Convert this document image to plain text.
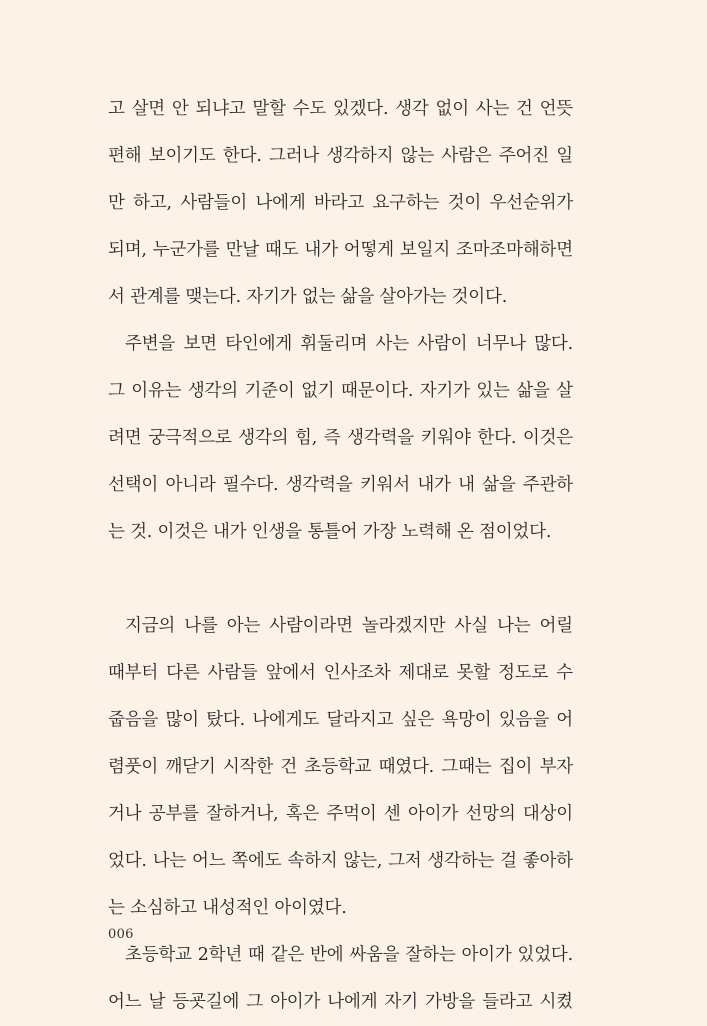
고 살면 안 되냐고 말할 수도 있겠다. 생각 없이 사는 건 언뜻
편해 보이기도 한다. 그러나 생각하지 않는 사람은 주어진 일
만 하고, 사람들이 나에게 바라고 요구하는 것이 우선순위가
되며, 누군가를 만날 때도 내가 어떻게 보일지 조마조마해하면
서 관계를 맺는다. 자기가 없는 삶을 살아가는 것이다.
주변을 보면 타인에게 휘둘리며 사는 사람이 너무나 많다.
그 이유는 생각의 기준이 없기 때문이다. 자기가 있는 삶을 살
려면 궁극적으로 생각의 힘, 즉 생각력을 키워야 한다. 이것은
선택이 아니라 필수다. 생각력을 키워서 내가 내 삶을 주관하
는 것. 이것은 내가 인생을 통틀어 가장 노력해 온 점이었다.
지금의 나를 아는 사람이라면 놀라겠지만 사실 나는 어릴
때부터 다른 사람들 앞에서 인사조차 제대로 못할 정도로 수
줍음을 많이 탔다. 나에게도 달라지고 싶은 욕망이 있음을 어
렴풋이 깨닫기 시작한 건 초등학교 때였다. 그때는 집이 부자
거나 공부를 잘하거나, 혹은 주먹이 센 아이가 선망의 대상이
었다. 나는 어느 쪽에도 속하지 않는, 그저 생각하는 걸 좋아하
는 소심하고 내성적인 아이였다.
초등학교 2학년 때 같은 반에 싸움을 잘하는 아이가 있었다.
어느 날 등굣길에 그 아이가 나에게 자기 가방을 들라고 시켰
006
